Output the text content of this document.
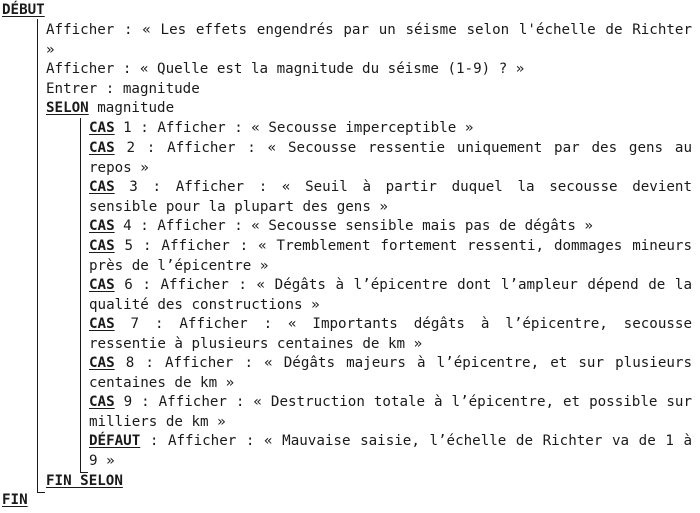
DÉBUT
Afficher : « Les effets engendrés par un séisme selon l'échelle de Richter »
Afficher : « Quelle est la magnitude du séisme (1-9) ? »
Entrer : magnitude
SELON magnitude
CAS 1 : Afficher : « Secousse imperceptible »
CAS 2 : Afficher : « Secousse ressentie uniquement par des gens au repos »
CAS 3 : Afficher : « Seuil à partir duquel la secousse devient sensible pour la plupart des gens »
CAS 4 : Afficher : « Secousse sensible mais pas de dégâts »
CAS 5 : Afficher : « Tremblement fortement ressenti, dommages mineurs près de l’épicentre »
CAS 6 : Afficher : « Dégâts à l’épicentre dont l’ampleur dépend de la qualité des constructions »
CAS 7 : Afficher : « Importants dégâts à l’épicentre, secousse ressentie à plusieurs centaines de km »
CAS 8 : Afficher : « Dégâts majeurs à l’épicentre, et sur plusieurs centaines de km »
CAS 9 : Afficher : « Destruction totale à l’épicentre, et possible sur milliers de km »
DÉFAUT : Afficher : « Mauvaise saisie, l’échelle de Richter va de 1 à 9 »
FIN SELON
FIN
